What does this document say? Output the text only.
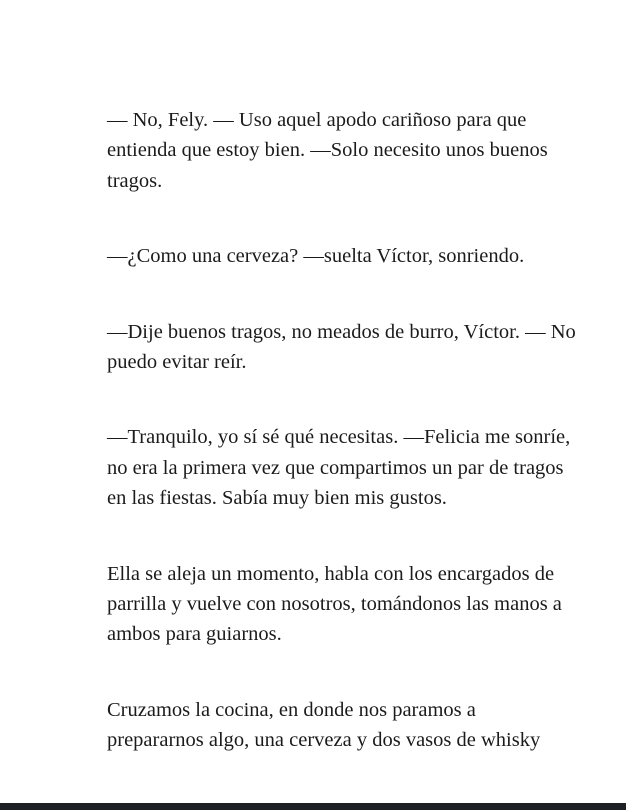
— No, Fely. — Uso aquel apodo cariñoso para que
entienda que estoy bien. —Solo necesito unos buenos
tragos.

—¿Como una cerveza? —suelta Víctor, sonriendo.

—Dije buenos tragos, no meados de burro, Víctor. — No
puedo evitar reír.

—Tranquilo, yo sí sé qué necesitas. —Felicia me sonríe,
no era la primera vez que compartimos un par de tragos
en las fiestas. Sabía muy bien mis gustos.

Ella se aleja un momento, habla con los encargados de
parrilla y vuelve con nosotros, tomándonos las manos a
ambos para guiarnos.

Cruzamos la cocina, en donde nos paramos a
prepararnos algo, una cerveza y dos vasos de whisky
